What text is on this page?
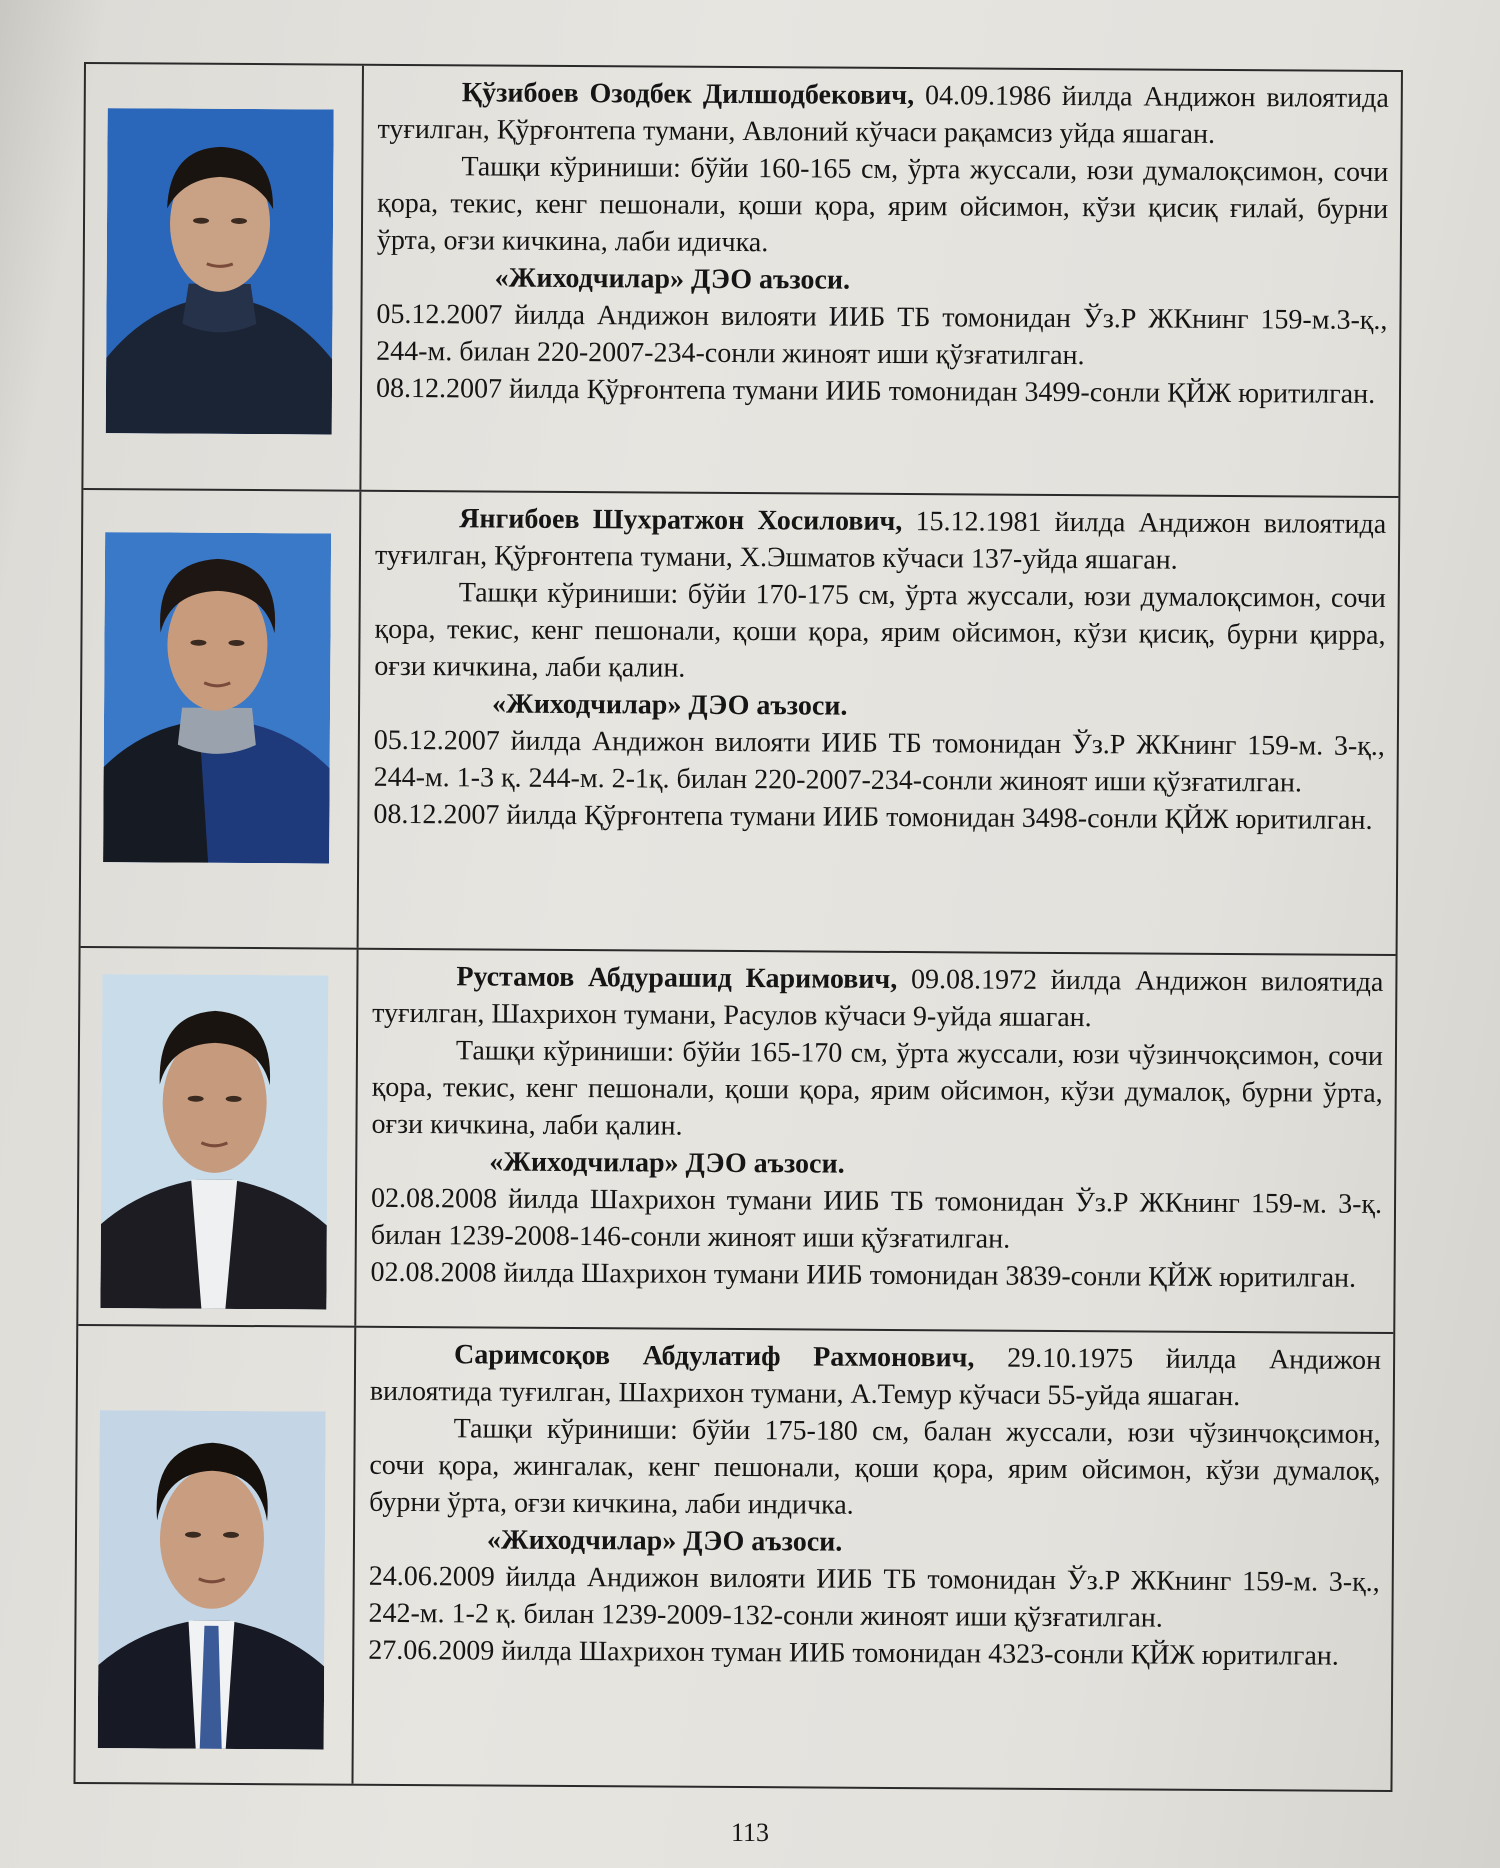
Қўзибоев Озодбек Дилшодбекович, 04.09.1986 йилда Андижон вилоятида туғилган, Қўрғонтепа тумани, Авлоний кўчаси рақамсиз уйда яшаган.

Ташқи кўриниши: бўйи 160-165 см, ўрта жуссали, юзи думалоқсимон, сочи қора, текис, кенг пешонали, қоши қора, ярим ойсимон, кўзи қисиқ ғилай, бурни ўрта, оғзи кичкина, лаби идичка.

«Жиходчилар» ДЭО аъзоси.

05.12.2007 йилда Андижон вилояти ИИБ ТБ томонидан Ўз.Р ЖКнинг 159-м.3-қ., 244-м. билан 220-2007-234-сонли жиноят иши қўзғатилган.

08.12.2007 йилда Қўрғонтепа тумани ИИБ томонидан 3499-сонли ҚЙЖ юритилган.

Янгибоев Шухратжон Хосилович, 15.12.1981 йилда Андижон вилоятида туғилган, Қўрғонтепа тумани, Х.Эшматов кўчаси 137-уйда яшаган.

Ташқи кўриниши: бўйи 170-175 см, ўрта жуссали, юзи думалоқсимон, сочи қора, текис, кенг пешонали, қоши қора, ярим ойсимон, кўзи қисиқ, бурни қирра, оғзи кичкина, лаби қалин.

«Жиходчилар» ДЭО аъзоси.

05.12.2007 йилда Андижон вилояти ИИБ ТБ томонидан Ўз.Р ЖКнинг 159-м. 3-қ., 244-м. 1-3 қ. 244-м. 2-1қ. билан 220-2007-234-сонли жиноят иши қўзғатилган.

08.12.2007 йилда Қўрғонтепа тумани ИИБ томонидан 3498-сонли ҚЙЖ юритилган.

Рустамов Абдурашид Каримович, 09.08.1972 йилда Андижон вилоятида туғилган, Шахрихон тумани, Расулов кўчаси 9-уйда яшаган.

Ташқи кўриниши: бўйи 165-170 см, ўрта жуссали, юзи чўзинчоқсимон, сочи қора, текис, кенг пешонали, қоши қора, ярим ойсимон, кўзи думалоқ, бурни ўрта, оғзи кичкина, лаби қалин.

«Жиходчилар» ДЭО аъзоси.

02.08.2008 йилда Шахрихон тумани ИИБ ТБ томонидан Ўз.Р ЖКнинг 159-м. 3-қ. билан 1239-2008-146-сонли жиноят иши қўзғатилган.

02.08.2008 йилда Шахрихон тумани ИИБ томонидан 3839-сонли ҚЙЖ юритилган.

Саримсоқов Абдулатиф Рахмонович, 29.10.1975 йилда Андижон вилоятида туғилган, Шахрихон тумани, А.Темур кўчаси 55-уйда яшаган.

Ташқи кўриниши: бўйи 175-180 см, балан жуссали, юзи чўзинчоқсимон, сочи қора, жингалак, кенг пешонали, қоши қора, ярим ойсимон, кўзи думалоқ, бурни ўрта, оғзи кичкина, лаби индичка.

«Жиходчилар» ДЭО аъзоси.

24.06.2009 йилда Андижон вилояти ИИБ ТБ томонидан Ўз.Р ЖКнинг 159-м. 3-қ., 242-м. 1-2 қ. билан 1239-2009-132-сонли жиноят иши қўзғатилган.

27.06.2009 йилда Шахрихон туман ИИБ томонидан 4323-сонли ҚЙЖ юритилган.

113
